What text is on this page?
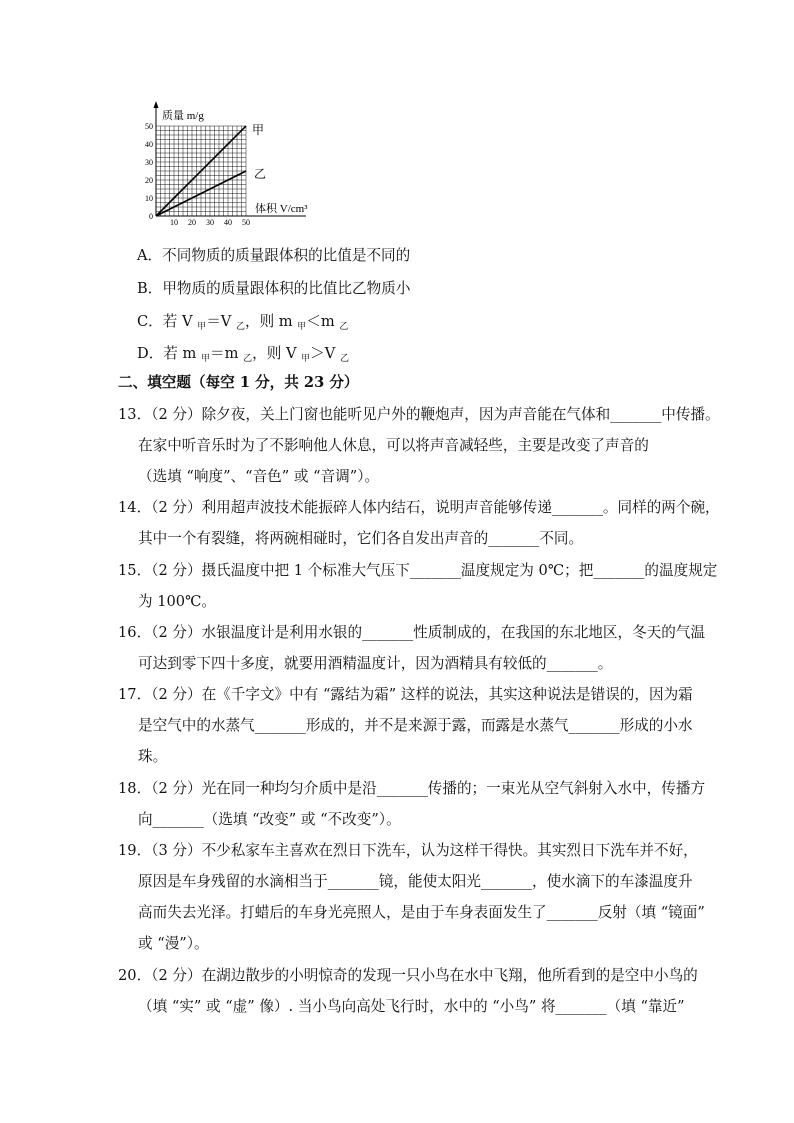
50
40
30
20
10
0
10 20 30 40 50
质量 m/g
体积 V/cm³
甲
乙
A．不同物质的质量跟体积的比值是不同的
B．甲物质的质量跟体积的比值比乙物质小
C．若 V $_甲$＝V $_乙$，则 m $_甲$＜m $_乙$
D．若 m $_甲$＝m $_乙$，则 V $_甲$＞V $_乙$
二、填空题（每空 1 分，共 23 分）
13．（2 分）除夕夜，关上门窗也能听见户外的鞭炮声，因为声音能在气体和_______中传播。
在家中听音乐时为了不影响他人休息，可以将声音减轻些，主要是改变了声音的
（选填 “响度”、“音色” 或 “音调”）。
14．（2 分）利用超声波技术能振碎人体内结石，说明声音能够传递_______。同样的两个碗，
其中一个有裂缝，将两碗相碰时，它们各自发出声音的_______不同。
15．（2 分）摄氏温度中把 1 个标准大气压下_______温度规定为 0℃；把_______的温度规定
为 100℃。
16．（2 分）水银温度计是利用水银的_______性质制成的，在我国的东北地区，冬天的气温
可达到零下四十多度，就要用酒精温度计，因为酒精具有较低的_______。
17．（2 分）在《千字文》中有 “露结为霜” 这样的说法，其实这种说法是错误的，因为霜
是空气中的水蒸气_______形成的，并不是来源于露，而露是水蒸气_______形成的小水
珠。
18．（2 分）光在同一种均匀介质中是沿_______传播的；一束光从空气斜射入水中，传播方
向_______（选填 “改变” 或 “不改变”）。
19．（3 分）不少私家车主喜欢在烈日下洗车，认为这样干得快。其实烈日下洗车并不好，
原因是车身残留的水滴相当于_______镜，能使太阳光_______，使水滴下的车漆温度升
高而失去光泽。打蜡后的车身光亮照人，是由于车身表面发生了_______反射（填 “镜面”
或 “漫”）。
20．（2 分）在湖边散步的小明惊奇的发现一只小鸟在水中飞翔，他所看到的是空中小鸟的
（填 “实” 或 “虚” 像）. 当小鸟向高处飞行时，水中的 “小鸟” 将_______（填 “靠近”
